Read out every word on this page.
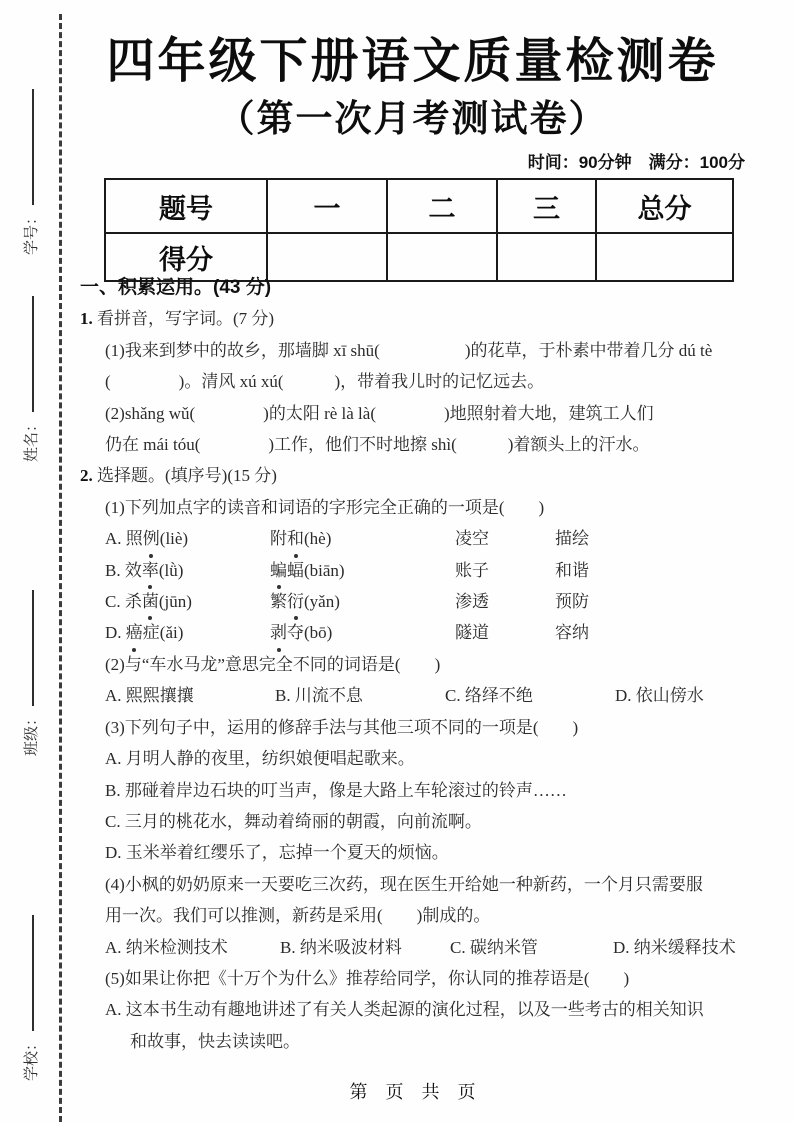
学号：
姓名：
班级：
学校：
四年级下册语文质量检测卷
（第一次月考测试卷）
时间：90分钟　满分：100分
题号	一	二	三	总分
得分				
一、积累运用。(43 分)
1. 看拼音，写字词。(7 分)
(1)我来到梦中的故乡，那墙脚 xī shū(　　　　　)的花草，于朴素中带着几分 dú tè
(　　　　)。清风 xú xú(　　　)，带着我儿时的记忆远去。
(2)shǎng wǔ(　　　　)的太阳 rè là là(　　　　)地照射着大地，建筑工人们
仍在 mái tóu(　　　　)工作，他们不时地擦 shì(　　　)着额头上的汗水。
2. 选择题。(填序号)(15 分)
(1)下列加点字的读音和词语的字形完全正确的一项是(　　)
A. 照例(liè)	附和(hè)	凌空	描绘
B. 效率(lǜ)	蝙蝠(biān)	账子	和谐
C. 杀菌(jūn)	繁衍(yǎn)	渗透	预防
D. 癌症(ǎi)	剥夺(bō)	隧道	容纳
(2)与“车水马龙”意思完全不同的词语是(　　)
A. 熙熙攘攘	B. 川流不息	C. 络绎不绝	D. 依山傍水
(3)下列句子中，运用的修辞手法与其他三项不同的一项是(　　)
A. 月明人静的夜里，纺织娘便唱起歌来。
B. 那碰着岸边石块的叮当声，像是大路上车轮滚过的铃声……
C. 三月的桃花水，舞动着绮丽的朝霞，向前流啊。
D. 玉米举着红缨乐了，忘掉一个夏天的烦恼。
(4)小枫的奶奶原来一天要吃三次药，现在医生开给她一种新药，一个月只需要服
用一次。我们可以推测，新药是采用(　　)制成的。
A. 纳米检测技术	B. 纳米吸波材料	C. 碳纳米管	D. 纳米缓释技术
(5)如果让你把《十万个为什么》推荐给同学，你认同的推荐语是(　　)
A. 这本书生动有趣地讲述了有关人类起源的演化过程，以及一些考古的相关知识
和故事，快去读读吧。
第　页　共　页
